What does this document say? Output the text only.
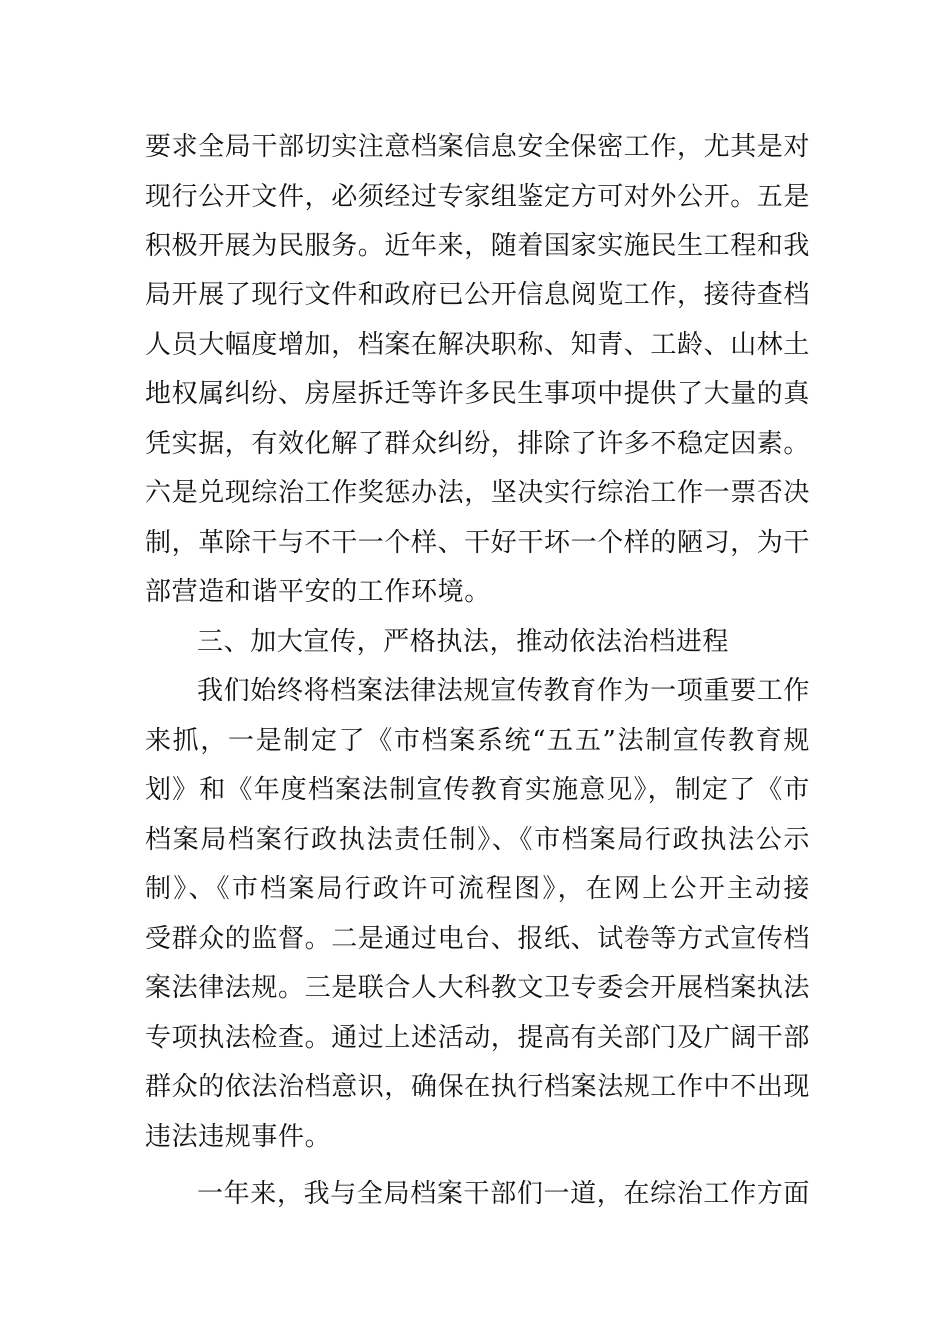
要求全局干部切实注意档案信息安全保密工作，尤其是对

现行公开文件，必须经过专家组鉴定方可对外公开。五是

积极开展为民服务。近年来，随着国家实施民生工程和我

局开展了现行文件和政府已公开信息阅览工作，接待查档

人员大幅度增加，档案在解决职称、知青、工龄、山林土

地权属纠纷、房屋拆迁等许多民生事项中提供了大量的真

凭实据，有效化解了群众纠纷，排除了许多不稳定因素。

六是兑现综治工作奖惩办法，坚决实行综治工作一票否决

制，革除干与不干一个样、干好干坏一个样的陋习，为干

部营造和谐平安的工作环境。

三、加大宣传，严格执法，推动依法治档进程

我们始终将档案法律法规宣传教育作为一项重要工作

来抓，一是制定了《市档案系统“五五”法制宣传教育规

划》和《年度档案法制宣传教育实施意见》，制定了《市

档案局档案行政执法责任制》、《市档案局行政执法公示

制》、《市档案局行政许可流程图》，在网上公开主动接

受群众的监督。二是通过电台、报纸、试卷等方式宣传档

案法律法规。三是联合人大科教文卫专委会开展档案执法

专项执法检查。通过上述活动，提高有关部门及广阔干部

群众的依法治档意识，确保在执行档案法规工作中不出现

违法违规事件。

一年来，我与全局档案干部们一道，在综治工作方面
